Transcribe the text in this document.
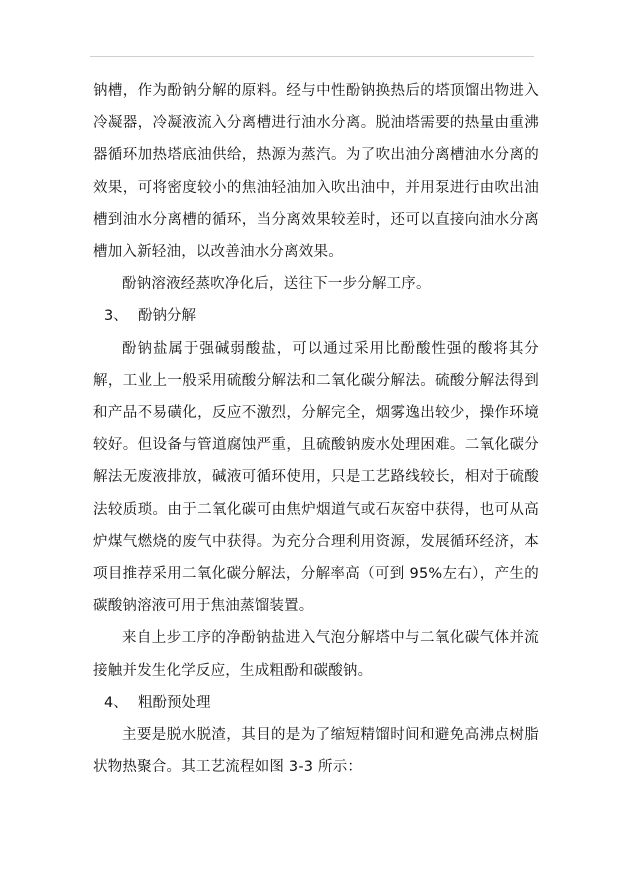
钠槽，作为酚钠分解的原料。经与中性酚钠换热后的塔顶馏出物进入冷凝器，冷凝液流入分离槽进行油水分离。脱油塔需要的热量由重沸器循环加热塔底油供给，热源为蒸汽。为了吹出油分离槽油水分离的效果，可将密度较小的焦油轻油加入吹出油中，并用泵进行由吹出油槽到油水分离槽的循环，当分离效果较差时，还可以直接向油水分离槽加入新轻油，以改善油水分离效果。

酚钠溶液经蒸吹净化后，送往下一步分解工序。

3、 酚钠分解

酚钠盐属于强碱弱酸盐，可以通过采用比酚酸性强的酸将其分解，工业上一般采用硫酸分解法和二氧化碳分解法。硫酸分解法得到和产品不易磺化，反应不激烈，分解完全，烟雾逸出较少，操作环境较好。但设备与管道腐蚀严重，且硫酸钠废水处理困难。二氧化碳分解法无废液排放，碱液可循环使用，只是工艺路线较长，相对于硫酸法较质琐。由于二氧化碳可由焦炉烟道气或石灰窑中获得，也可从高炉煤气燃烧的废气中获得。为充分合理利用资源，发展循环经济，本项目推荐采用二氧化碳分解法，分解率高（可到 95%左右），产生的碳酸钠溶液可用于焦油蒸馏装置。

来自上步工序的净酚钠盐进入气泡分解塔中与二氧化碳气体并流接触并发生化学反应，生成粗酚和碳酸钠。

4、 粗酚预处理

主要是脱水脱渣，其目的是为了缩短精馏时间和避免高沸点树脂状物热聚合。其工艺流程如图 3-3 所示：
